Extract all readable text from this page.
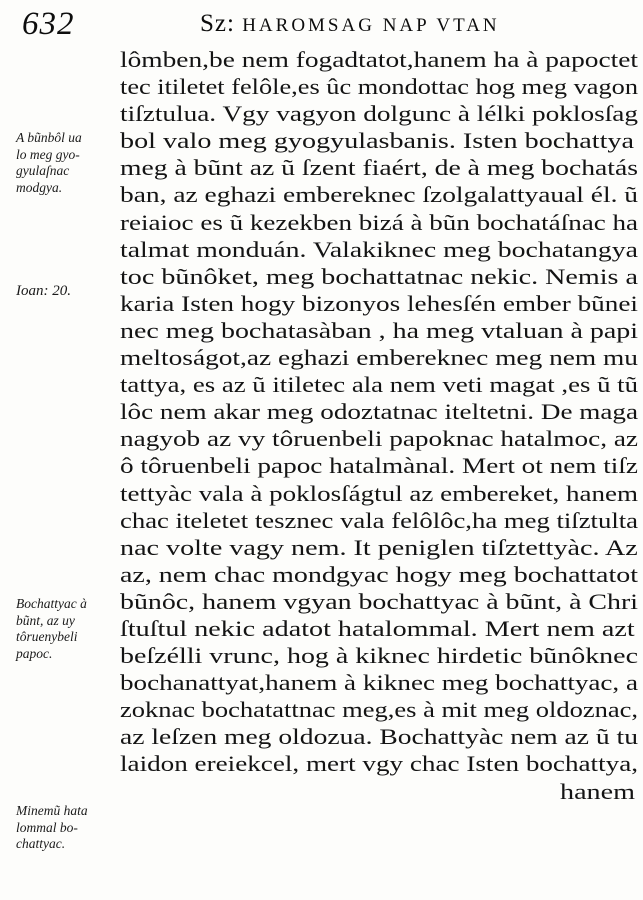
632	Sz: HAROMSAG NAP VTAN
lômben,be nem fogadtatot,hanem ha à papoctet
tec itiletet felôle,es ûc mondottac hog meg vagon
tiſztulua. Vgy vagyon dolgunc à lélki poklosſag
bol valo meg gyogyulasbanis. Isten bochattya
meg à bũnt az ũ ſzent fiaért, de à meg bochatás
ban, az eghazi embereknec ſzolgalattyaual él. ũ
reiaioc es ũ kezekben bizá à bũn bochatáſnac ha
talmat monduán. Valakiknec meg bochatangya
toc bũnôket, meg bochattatnac nekic. Nemis a
karia Isten hogy bizonyos lehesſén ember bũnei
nec meg bochatasàban , ha meg vtaluan à papi
meltoságot,az eghazi embereknec meg nem mu
tattya, es az ũ itiletec ala nem veti magat ,es ũ tũ
lôc nem akar meg odoztatnac iteltetni. De maga
nagyob az vy tôruenbeli papoknac hatalmoc, az
ô tôruenbeli papoc hatalmànal. Mert ot nem tiſz
tettyàc vala à poklosſágtul az embereket, hanem
chac iteletet tesznec vala felôlôc,ha meg tiſztulta
nac volte vagy nem. It peniglen tiſztettyàc. Az
az, nem chac mondgyac hogy meg bochattatot
bũnôc, hanem vgyan bochattyac à bũnt, à Chri
ſtuſtul nekic adatot hatalommal. Mert nem azt
beſzélli vrunc, hog à kiknec hirdetic bũnôknec
bochanattyat,hanem à kiknec meg bochattyac, a
zoknac bochatattnac meg,es à mit meg oldoznac,
az leſzen meg oldozua. Bochattyàc nem az ũ tu
laidon ereiekcel, mert vgy chac Isten bochattya,
hanem
A bũnbôl ua
lo meg gyo-
gyulaſnac
modgya.
Ioan: 20.
Bochattyac à
bũnt, az uy
tôruenybeli
papoc.
Minemũ hata
lommal bo-
chattyac.
